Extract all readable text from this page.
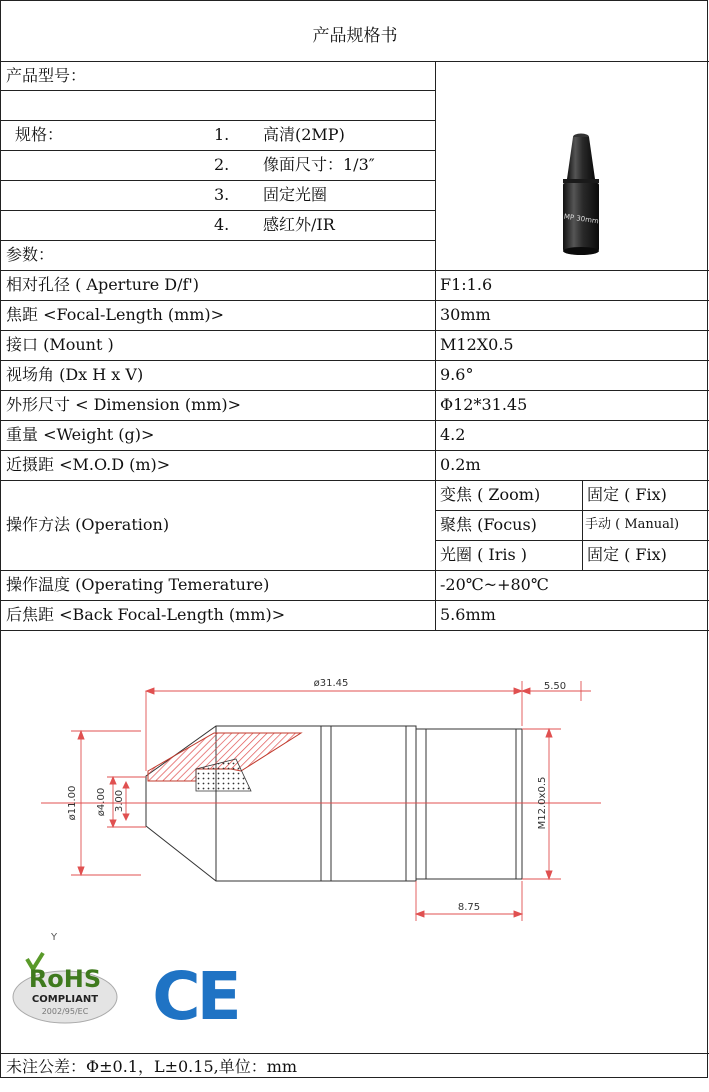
产品规格书
产品型号：
规格：	1. 高清(2MP)
2. 像面尺寸：1/3″
3. 固定光圈
4. 感红外/IR
参数：
MP 30mm
相对孔径 ( Aperture D/f')	F1:1.6
焦距 <Focal-Length (mm)>	30mm
接口 (Mount )	M12X0.5
视场角 (Dx H x V)	9.6°
外形尺寸 < Dimension (mm)>	Φ12*31.45
重量 <Weight (g)>	4.2
近摄距 <M.O.D (m)>	0.2m
操作方法 (Operation)
变焦 ( Zoom)	固定 ( Fix)
聚焦 (Focus)	手动 ( Manual)
光圈 ( Iris )	固定 ( Fix)
操作温度 (Operating Temerature)	-20℃~+80℃
后焦距 <Back Focal-Length (mm)>	5.6mm
ø31.45	5.50
ø11.00 ø4.00 3.00	M12.0x0.5
8.75
Y
RoHS
COMPLIANT
2002/95/EC CE
未注公差：Φ±0.1，L±0.15,单位：mm
